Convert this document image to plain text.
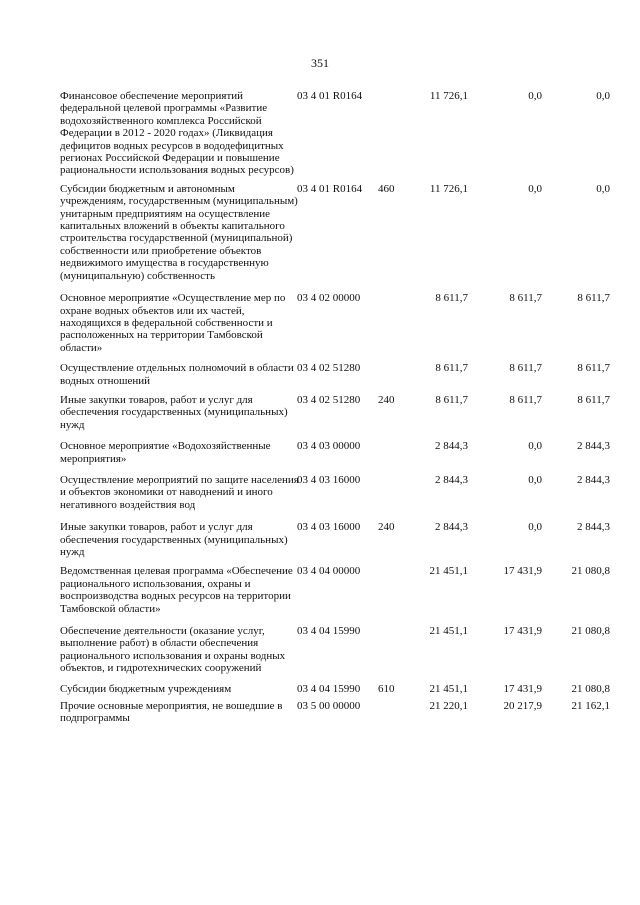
351
Финансовое обеспечение мероприятий федеральной целевой программы «Развитие водохозяйственного комплекса Российской Федерации в 2012 - 2020 годах» (Ликвидация дефицитов водных ресурсов в вододефицитных регионах Российской Федерации и повышение рациональности использования водных ресурсов)
03 4 01 R0164	11 726,1	0,0	0,0
Субсидии бюджетным и автономным учреждениям, государственным (муниципальным) унитарным предприятиям на осуществление капитальных вложений в объекты капитального строительства государственной (муниципальной) собственности или приобретение объектов недвижимого имущества в государственную (муниципальную) собственность
03 4 01 R0164 460	11 726,1	0,0	0,0
Основное мероприятие «Осуществление мер по охране водных объектов или их частей, находящихся в федеральной собственности и расположенных на территории Тамбовской области»
03 4 02 00000	8 611,7	8 611,7	8 611,7
Осуществление отдельных полномочий в области водных отношений
03 4 02 51280	8 611,7	8 611,7	8 611,7
Иные закупки товаров, работ и услуг для обеспечения государственных (муниципальных) нужд
03 4 02 51280 240	8 611,7	8 611,7	8 611,7
Основное мероприятие «Водохозяйственные мероприятия»
03 4 03 00000	2 844,3	0,0	2 844,3
Осуществление мероприятий по защите населения и объектов экономики от наводнений и иного негативного воздействия вод
03 4 03 16000	2 844,3	0,0	2 844,3
Иные закупки товаров, работ и услуг для обеспечения государственных (муниципальных) нужд
03 4 03 16000 240	2 844,3	0,0	2 844,3
Ведомственная целевая программа «Обеспечение рационального использования, охраны и воспроизводства водных ресурсов на территории Тамбовской области»
03 4 04 00000	21 451,1	17 431,9	21 080,8
Обеспечение деятельности (оказание услуг, выполнение работ) в области обеспечения рационального использования и охраны водных объектов, и гидротехнических сооружений
03 4 04 15990	21 451,1	17 431,9	21 080,8
Субсидии бюджетным учреждениям	03 4 04 15990 610	21 451,1	17 431,9	21 080,8
Прочие основные мероприятия, не вошедшие в подпрограммы
03 5 00 00000	21 220,1	20 217,9	21 162,1
